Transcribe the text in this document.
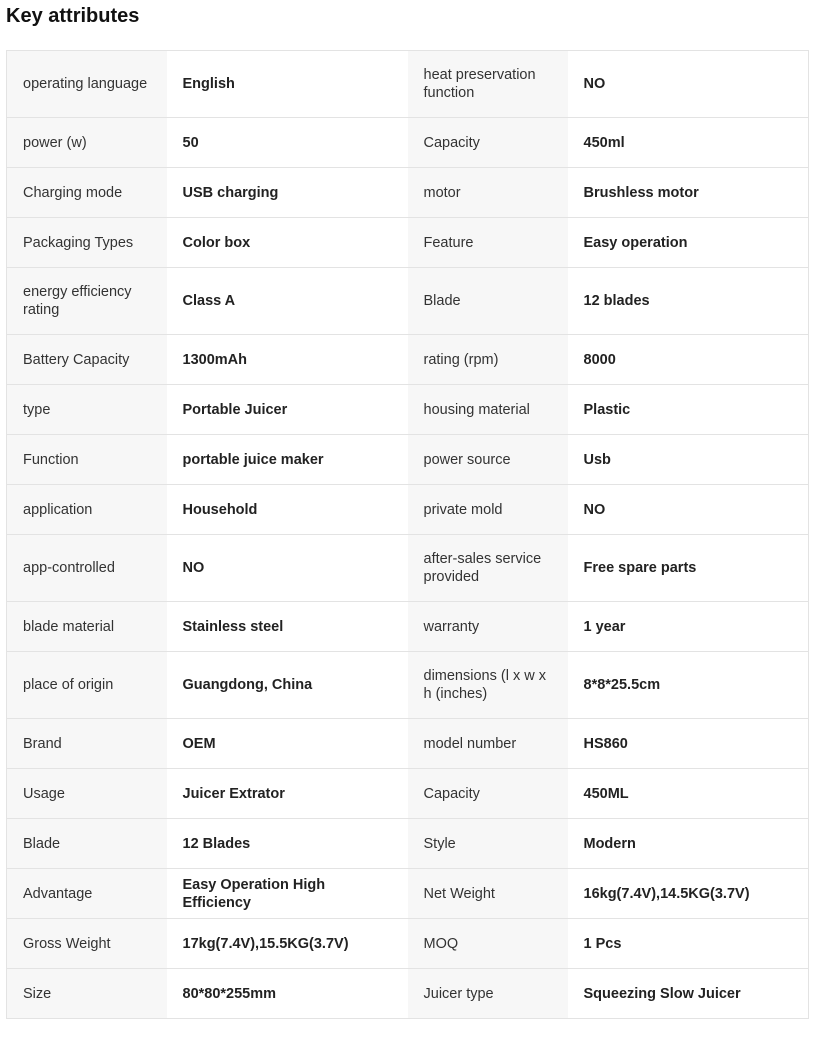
Key attributes
operating language	English	heat preservation function	NO
power (w)	50	Capacity	450ml
Charging mode	USB charging	motor	Brushless motor
Packaging Types	Color box	Feature	Easy operation
energy efficiency rating	Class A	Blade	12 blades
Battery Capacity	1300mAh	rating (rpm)	8000
type	Portable Juicer	housing material	Plastic
Function	portable juice maker	power source	Usb
application	Household	private mold	NO
app-controlled	NO	after-sales service provided	Free spare parts
blade material	Stainless steel	warranty	1 year
place of origin	Guangdong, China	dimensions (l x w x h (inches)	8*8*25.5cm
Brand	OEM	model number	HS860
Usage	Juicer Extrator	Capacity	450ML
Blade	12 Blades	Style	Modern
Advantage	Easy Operation High Efficiency	Net Weight	16kg(7.4V),14.5KG(3.7V)
Gross Weight	17kg(7.4V),15.5KG(3.7V)	MOQ	1 Pcs
Size	80*80*255mm	Juicer type	Squeezing Slow Juicer
